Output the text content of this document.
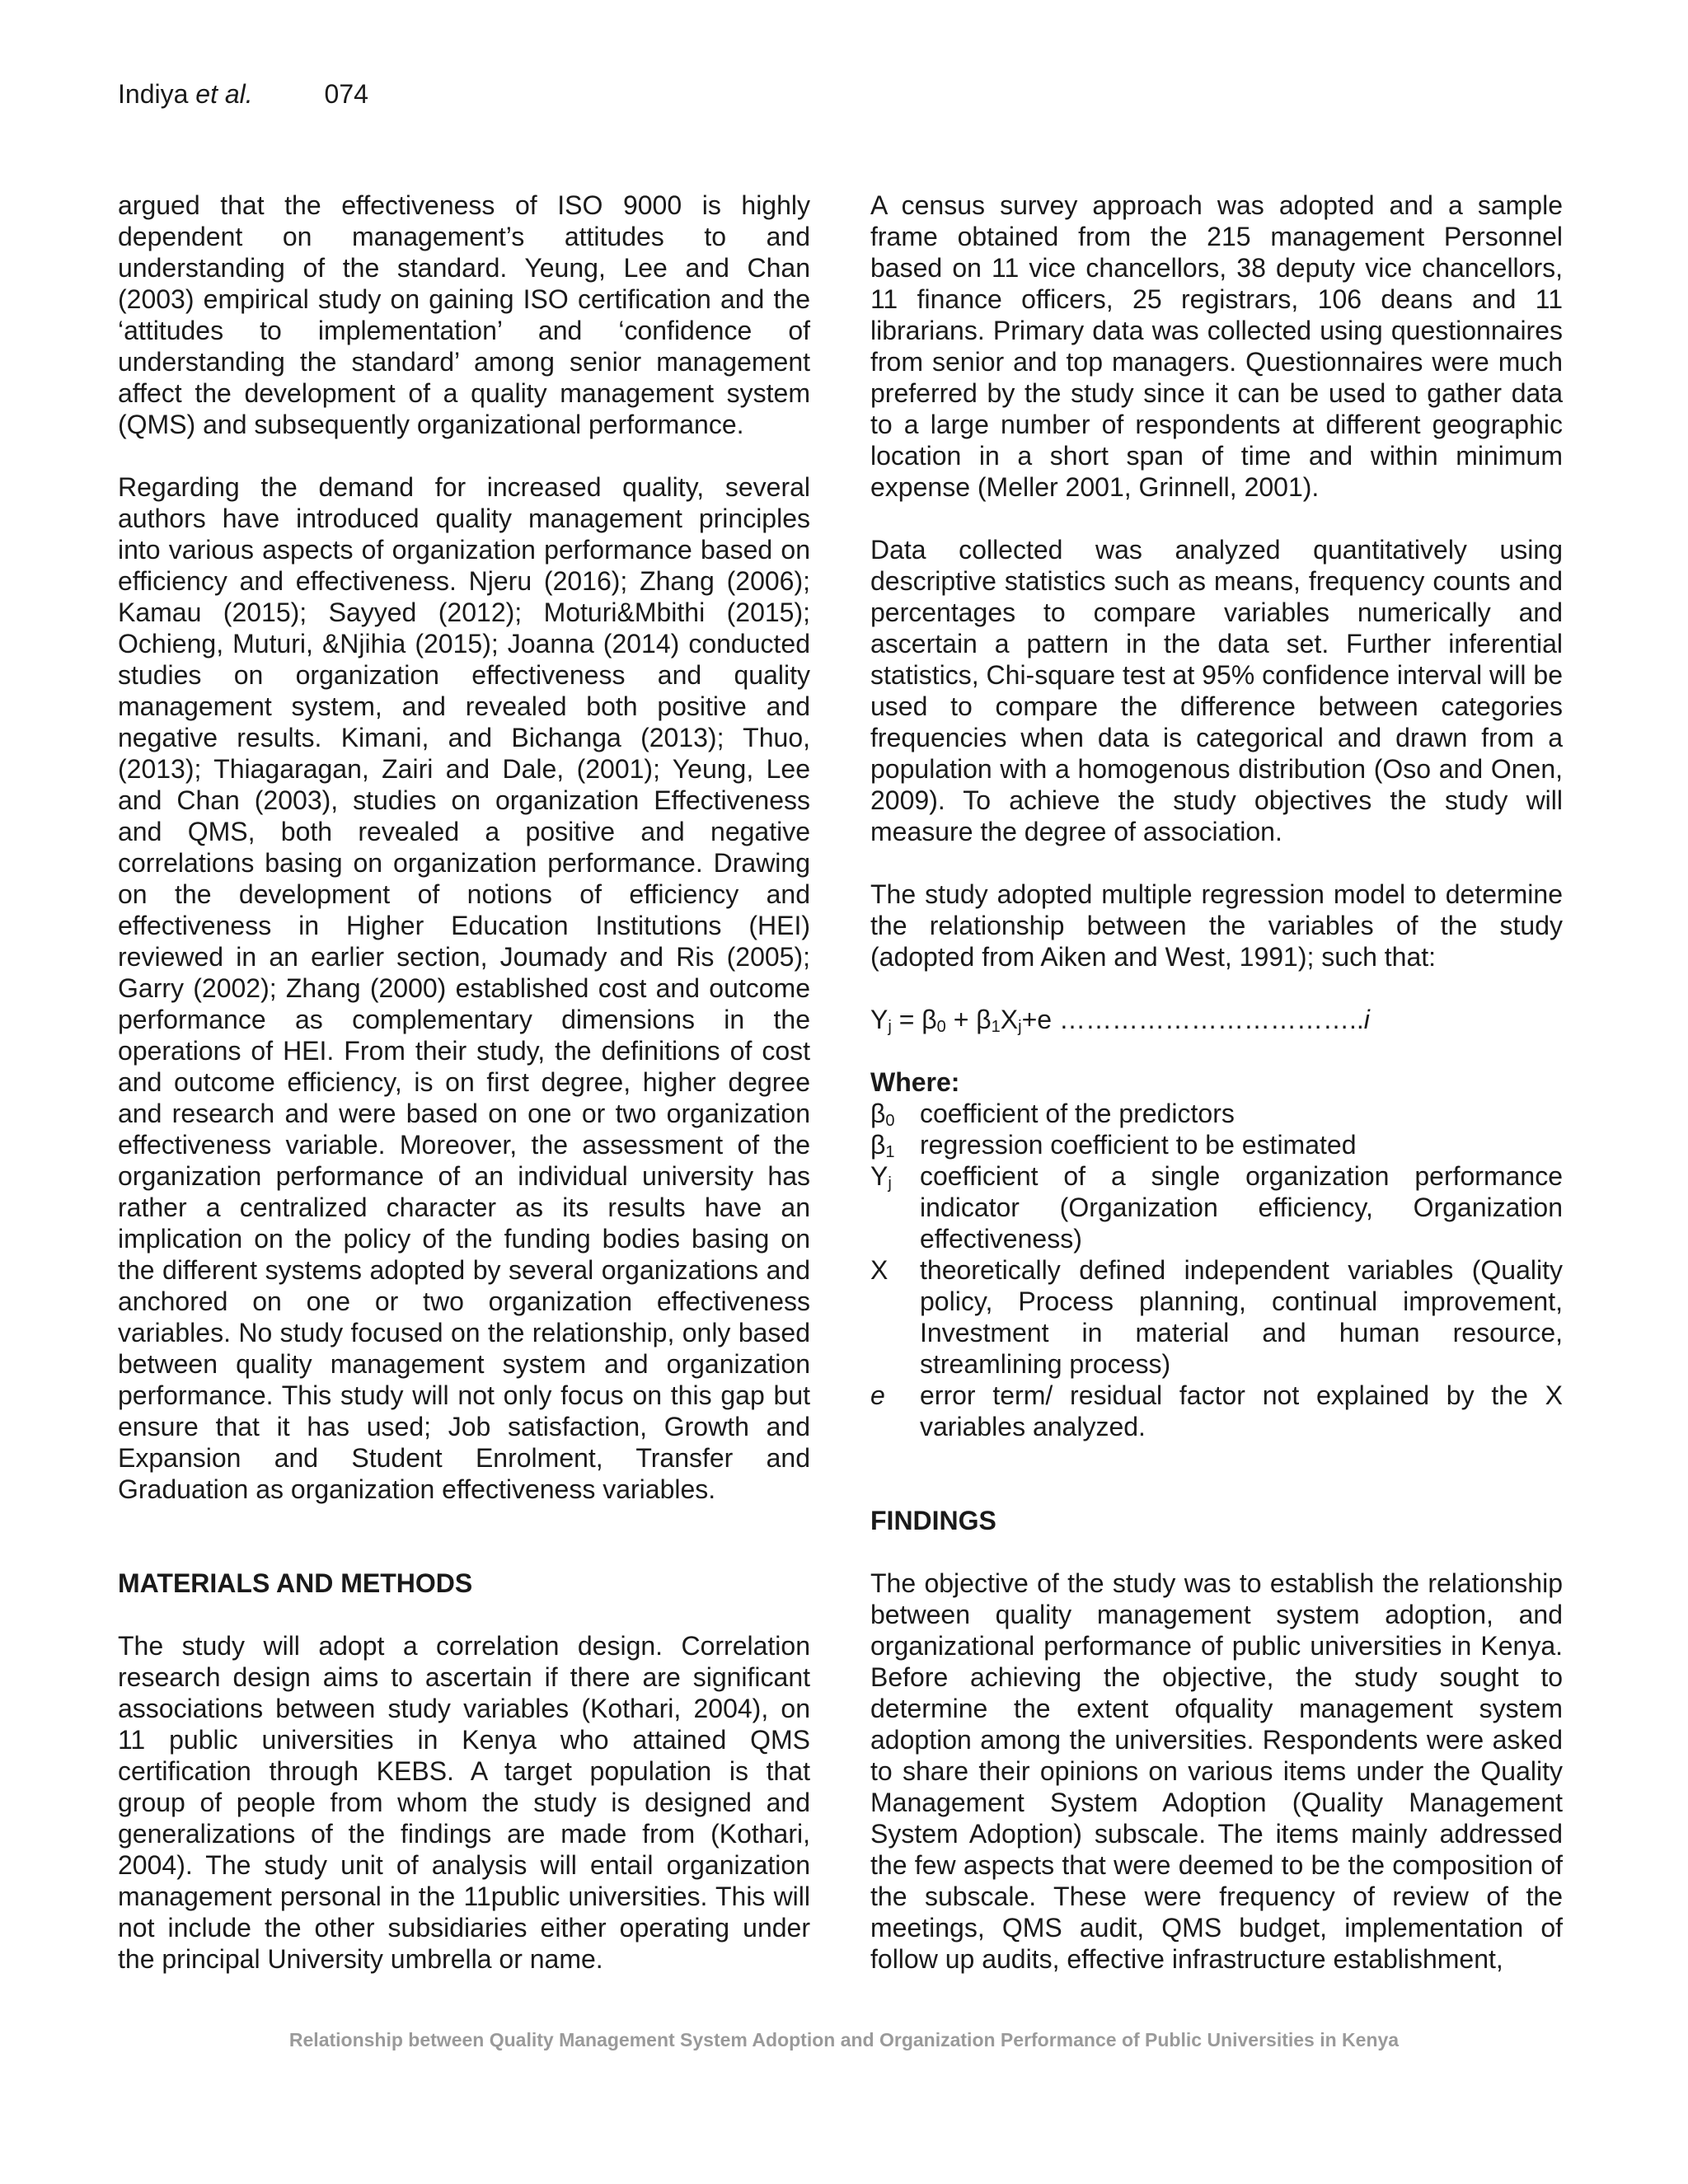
Indiya et al.	074

argued that the effectiveness of ISO 9000 is highly dependent on management’s attitudes to and understanding of the standard. Yeung, Lee and Chan (2003) empirical study on gaining ISO certification and the ‘attitudes to implementation’ and ‘confidence of understanding the standard’ among senior management affect the development of a quality management system (QMS) and subsequently organizational performance.

Regarding the demand for increased quality, several authors have introduced quality management principles into various aspects of organization performance based on efficiency and effectiveness. Njeru (2016); Zhang (2006); Kamau (2015); Sayyed (2012); Moturi&Mbithi (2015); Ochieng, Muturi, &Njihia (2015); Joanna (2014) conducted studies on organization effectiveness and quality management system, and revealed both positive and negative results. Kimani, and Bichanga (2013); Thuo, (2013); Thiagaragan, Zairi and Dale, (2001); Yeung, Lee and Chan (2003), studies on organization Effectiveness and QMS, both revealed a positive and negative correlations basing on organization performance. Drawing on the development of notions of efficiency and effectiveness in Higher Education Institutions (HEI) reviewed in an earlier section, Joumady and Ris (2005); Garry (2002); Zhang (2000) established cost and outcome performance as complementary dimensions in the operations of HEI. From their study, the definitions of cost and outcome efficiency, is on first degree, higher degree and research and were based on one or two organization effectiveness variable. Moreover, the assessment of the organization performance of an individual university has rather a centralized character as its results have an implication on the policy of the funding bodies basing on the different systems adopted by several organizations and anchored on one or two organization effectiveness variables. No study focused on the relationship, only based between quality management system and organization performance. This study will not only focus on this gap but ensure that it has used; Job satisfaction, Growth and Expansion and Student Enrolment, Transfer and Graduation as organization effectiveness variables.

MATERIALS AND METHODS

The study will adopt a correlation design. Correlation research design aims to ascertain if there are significant associations between study variables (Kothari, 2004), on 11 public universities in Kenya who attained QMS certification through KEBS. A target population is that group of people from whom the study is designed and generalizations of the findings are made from (Kothari, 2004). The study unit of analysis will entail organization management personal in the 11public universities. This will not include the other subsidiaries either operating under the principal University umbrella or name.

A census survey approach was adopted and a sample frame obtained from the 215 management Personnel based on 11 vice chancellors, 38 deputy vice chancellors, 11 finance officers, 25 registrars, 106 deans and 11 librarians. Primary data was collected using questionnaires from senior and top managers. Questionnaires were much preferred by the study since it can be used to gather data to a large number of respondents at different geographic location in a short span of time and within minimum expense (Meller 2001, Grinnell, 2001).

Data collected was analyzed quantitatively using descriptive statistics such as means, frequency counts and percentages to compare variables numerically and ascertain a pattern in the data set. Further inferential statistics, Chi-square test at 95% confidence interval will be used to compare the difference between categories frequencies when data is categorical and drawn from a population with a homogenous distribution (Oso and Onen, 2009). To achieve the study objectives the study will measure the degree of association.

The study adopted multiple regression model to determine the relationship between the variables of the study (adopted from Aiken and West, 1991); such that:

$Y_j = \beta_0 + \beta_1X_j+e$ ……………………………..i

Where:

$\beta_0$ coefficient of the predictors
$\beta_1$ regression coefficient to be estimated
$Y_j$	coefficient of a single organization performance indicator (Organization efficiency, Organization effectiveness)
X	theoretically defined independent variables (Quality policy, Process planning, continual improvement, Investment in material and human resource, streamlining process)
e	error term/ residual factor not explained by the X variables analyzed.

FINDINGS

The objective of the study was to establish the relationship between quality management system adoption, and organizational performance of public universities in Kenya. Before achieving the objective, the study sought to determine the extent ofquality management system adoption among the universities. Respondents were asked to share their opinions on various items under the Quality Management System Adoption (Quality Management System Adoption) subscale. The items mainly addressed the few aspects that were deemed to be the composition of the subscale. These were frequency of review of the meetings, QMS audit, QMS budget, implementation of follow up audits, effective infrastructure establishment,

Relationship between Quality Management System Adoption and Organization Performance of Public Universities in Kenya
